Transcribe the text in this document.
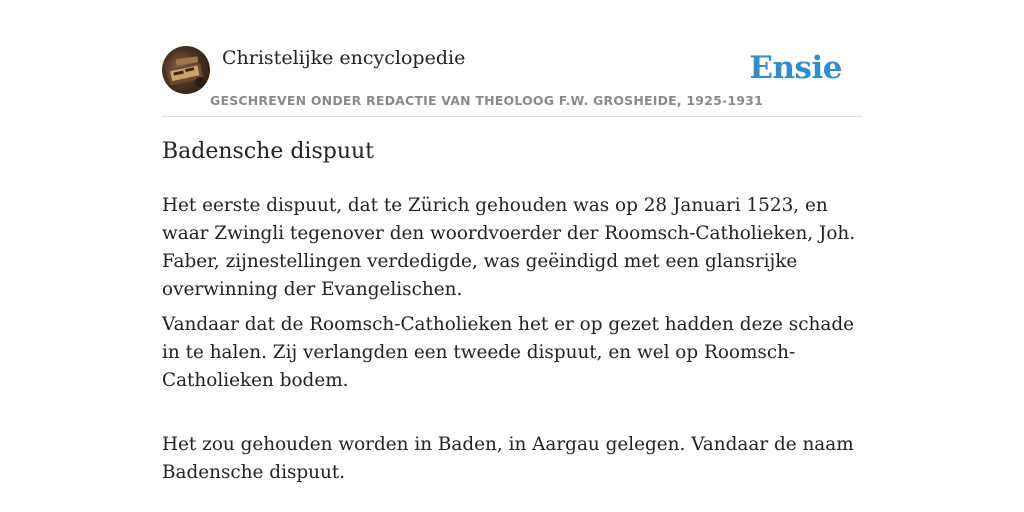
Christelijke encyclopedie
GESCHREVEN ONDER REDACTIE VAN THEOLOOG F.W. GROSHEIDE, 1925-1931
Ensie
Badensche dispuut

Het eerste dispuut, dat te Zürich gehouden was op 28 Januari 1523, en waar Zwingli tegenover den woordvoerder der Roomsch-Catholieken, Joh. Faber, zijnestellingen verdedigde, was geëindigd met een glansrijke overwinning der Evangelischen.

Vandaar dat de Roomsch-Catholieken het er op gezet hadden deze schade in te halen. Zij verlangden een tweede dispuut, en wel op Roomsch-Catholieken bodem.

Het zou gehouden worden in Baden, in Aargau gelegen. Vandaar de naam Badensche dispuut.
